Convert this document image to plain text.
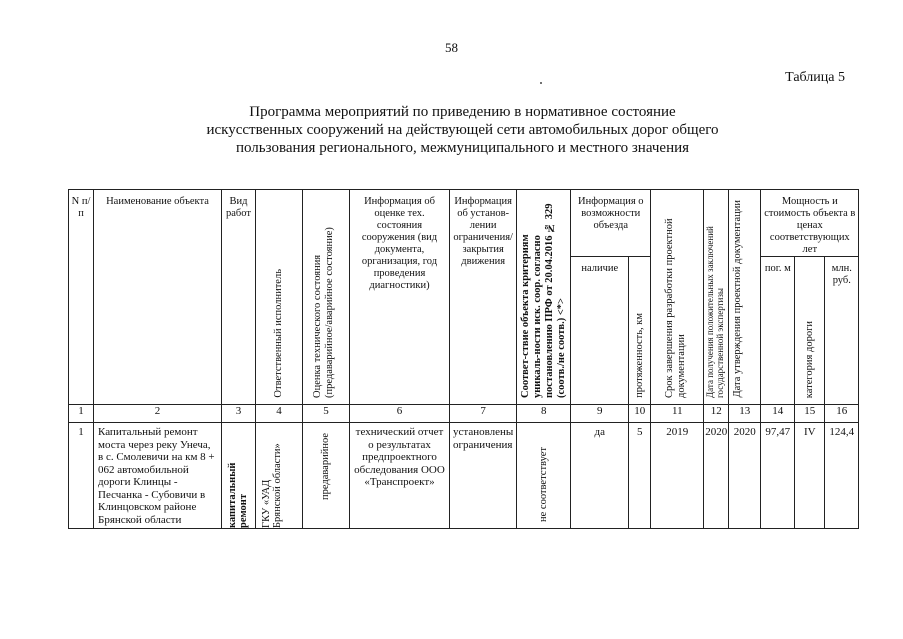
58
Таблица 5
Программа мероприятий по приведению в нормативное состояние искусственных сооружений на действующей сети автомобильных дорог общего пользования регионального, межмуниципального и местного значения
N п/п	Наименование объекта	Вид работ	Ответственный исполнитель	Оценка технического состояния (предаварийное/аварийное состояние)	Информация об оценке тех. состояния сооружения (вид документа, организация, год проведения диагностики)	Информация об установ-лении ограничения/ закрытия движения	Соответ-ствие объекта критериям уникаль-ности иск. соор. согласно постановлению ПРФ от 20.04.2016 № 329 (соотв./не соотв.) <*>	Информация о возможности объезда		Срок завершения разработки проектной документации	Дата получения положительных заключений государственной экспертизы	Дата утверждения проектной документации	Мощность и стоимость объекта в ценах соответствующих лет		
								наличие	протяженность, км				пог. м	категория дороги	млн. руб.
1	2	3	4	5	6	7	8	9	10	11	12	13	14	15	16
1	Капитальный ремонт моста через реку Унеча, в с. Смолевичи на км 8 + 062 автомобильной дороги Клинцы - Песчанка - Субовичи в Клинцовском районе Брянской области	капитальный ремонт	ГКУ «УАД Брянской области»	предаварийное	технический отчет о результатах предпроектного обследования ООО «Транспроект»	установлены ограничения	не соответствует	да	5	2019	2020	2020	97,47	IV	124,4
